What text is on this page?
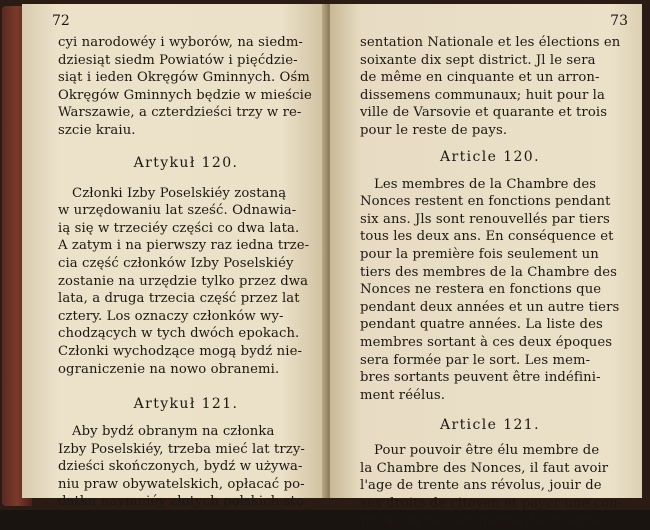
72
cyi narodowéy i wyborów, na siedm-
dziesiąt siedm Powiatów i pięćdzie-
siąt i ieden Okręgów Gminnych. Ośm
Okręgów Gminnych będzie w mieście
Warszawie, a czterdzieści trzy w re-
szcie kraiu.
Artykuł 120.
Członki Izby Poselskiéy zostaną
w urzędowaniu lat sześć. Odnawia-
ią się w trzeciéy części co dwa lata.
A zatym i na pierwszy raz iedna trze-
cia część członków Izby Poselskiéy
zostanie na urzędzie tylko przez dwa
lata, a druga trzecia część przez lat
cztery. Los oznaczy członków wy-
chodzących w tych dwóch epokach.
Członki wychodzące mogą bydź nie-
ograniczenie na nowo obranemi.
Artykuł 121.
Aby bydź obranym na członka
Izby Poselskiéy, trzeba mieć lat trzy-
dzieści skończonych, bydź w używa-
niu praw obywatelskich, opłacać po-
datku naymniéy złotych polskich sto.
73
sentation Nationale et les élections en
soixante dix sept district. Jl le sera
de même en cinquante et un arron-
dissemens communaux; huit pour la
ville de Varsovie et quarante et trois
pour le reste de pays.
Article 120.
Les membres de la Chambre des
Nonces restent en fonctions pendant
six ans. Jls sont renouvellés par tiers
tous les deux ans. En conséquence et
pour la première fois seulement un
tiers des membres de la Chambre des
Nonces ne restera en fonctions que
pendant deux années et un autre tiers
pendant quatre années. La liste des
membres sortant à ces deux époques
sera formée par le sort. Les mem-
bres sortants peuvent être indéfini-
ment réélus.
Article 121.
Pour pouvoir être élu membre de
la Chambre des Nonces, il faut avoir
l'age de trente ans révolus, jouir de
ses droits de citoyen et payer une con-
tribution de cent florins de Pologne.
